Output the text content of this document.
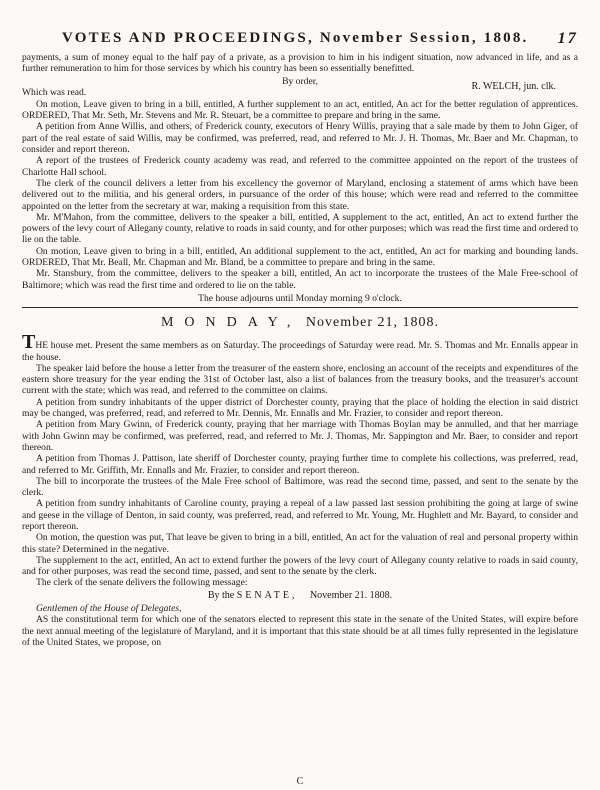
VOTES AND PROCEEDINGS, November Session, 1808. 17

payments, a sum of money equal to the half pay of a private, as a provision to him in his indigent situation, now advanced in life, and as a further remuneration to him for those services by which his country has been so essentially benefitted.

By order,

Which was read.
R. WELCH, jun. clk.

On motion, Leave given to bring in a bill, entitled, A further supplement to an act, entitled, An act for the better regulation of apprentices. ORDERED, That Mr. Seth, Mr. Stevens and Mr. R. Steuart, be a committee to prepare and bring in the same.

A petition from Anne Willis, and others, of Frederick county, executors of Henry Willis, praying that a sale made by them to John Giger, of part of the real estate of said Willis, may be confirmed, was preferred, read, and referred to Mr. J. H. Thomas, Mr. Baer and Mr. Chapman, to consider and report thereon.

A report of the trustees of Frederick county academy was read, and referred to the committee appointed on the report of the trustees of Charlotte Hall school.

The clerk of the council delivers a letter from his excellency the governor of Maryland, enclosing a statement of arms which have been delivered out to the militia, and his general orders, in pursuance of the order of this house; which were read and referred to the committee appointed on the letter from the secretary at war, making a requisition from this state.

Mr. M'Mahon, from the committee, delivers to the speaker a bill, entitled, A supplement to the act, entitled, An act to extend further the powers of the levy court of Allegany county, relative to roads in said county, and for other purposes; which was read the first time and ordered to lie on the table.

On motion, Leave given to bring in a bill, entitled, An additional supplement to the act, entitled, An act for marking and bounding lands. ORDERED, That Mr. Beall, Mr. Chapman and Mr. Bland, be a committee to prepare and bring in the same.

Mr. Stansbury, from the committee, delivers to the speaker a bill, entitled, An act to incorporate the trustees of the Male Free-school of Baltimore; which was read the first time and ordered to lie on the table.

The house adjourns until Monday morning 9 o'clock.

MONDAY, November 21, 1808.

THE house met. Present the same members as on Saturday. The proceedings of Saturday were read. Mr. S. Thomas and Mr. Ennalls appear in the house.

The speaker laid before the house a letter from the treasurer of the eastern shore, enclosing an account of the receipts and expenditures of the eastern shore treasury for the year ending the 31st of October last, also a list of balances from the treasury books, and the treasurer's account current with the state; which was read, and referred to the committee on claims.

A petition from sundry inhabitants of the upper district of Dorchester county, praying that the place of holding the election in said district may be changed, was preferred, read, and referred to Mr. Dennis, Mr. Ennalls and Mr. Frazier, to consider and report thereon.

A petition from Mary Gwinn, of Frederick county, praying that her marriage with Thomas Boylan may be annulled, and that her marriage with John Gwinn may be confirmed, was preferred, read, and referred to Mr. J. Thomas, Mr. Sappington and Mr. Baer, to consider and report thereon.

A petition from Thomas J. Pattison, late sheriff of Dorchester county, praying further time to complete his collections, was preferred, read, and referred to Mr. Griffith, Mr. Ennalls and Mr. Frazier, to consider and report thereon.

The bill to incorporate the trustees of the Male Free school of Baltimore, was read the second time, passed, and sent to the senate by the clerk.

A petition from sundry inhabitants of Caroline county, praying a repeal of a law passed last session prohibiting the going at large of swine and geese in the village of Denton, in said county, was preferred, read, and referred to Mr. Young, Mr. Hughlett and Mr. Bayard, to consider and report thereon.

On motion, the question was put, That leave be given to bring in a bill, entitled, An act for the valuation of real and personal property within this state? Determined in the negative.

The supplement to the act, entitled, An act to extend further the powers of the levy court of Allegany county relative to roads in said county, and for other purposes, was read the second time, passed, and sent to the senate by the clerk.

The clerk of the senate delivers the following message:

By the SENATE, November 21. 1808.

Gentlemen of the House of Delegates,

AS the constitutional term for which one of the senators elected to represent this state in the senate of the United States, will expire before the next annual meeting of the legislature of Maryland, and it is important that this state should be at all times fully represented in the legislature of the United States, we propose, on

C
